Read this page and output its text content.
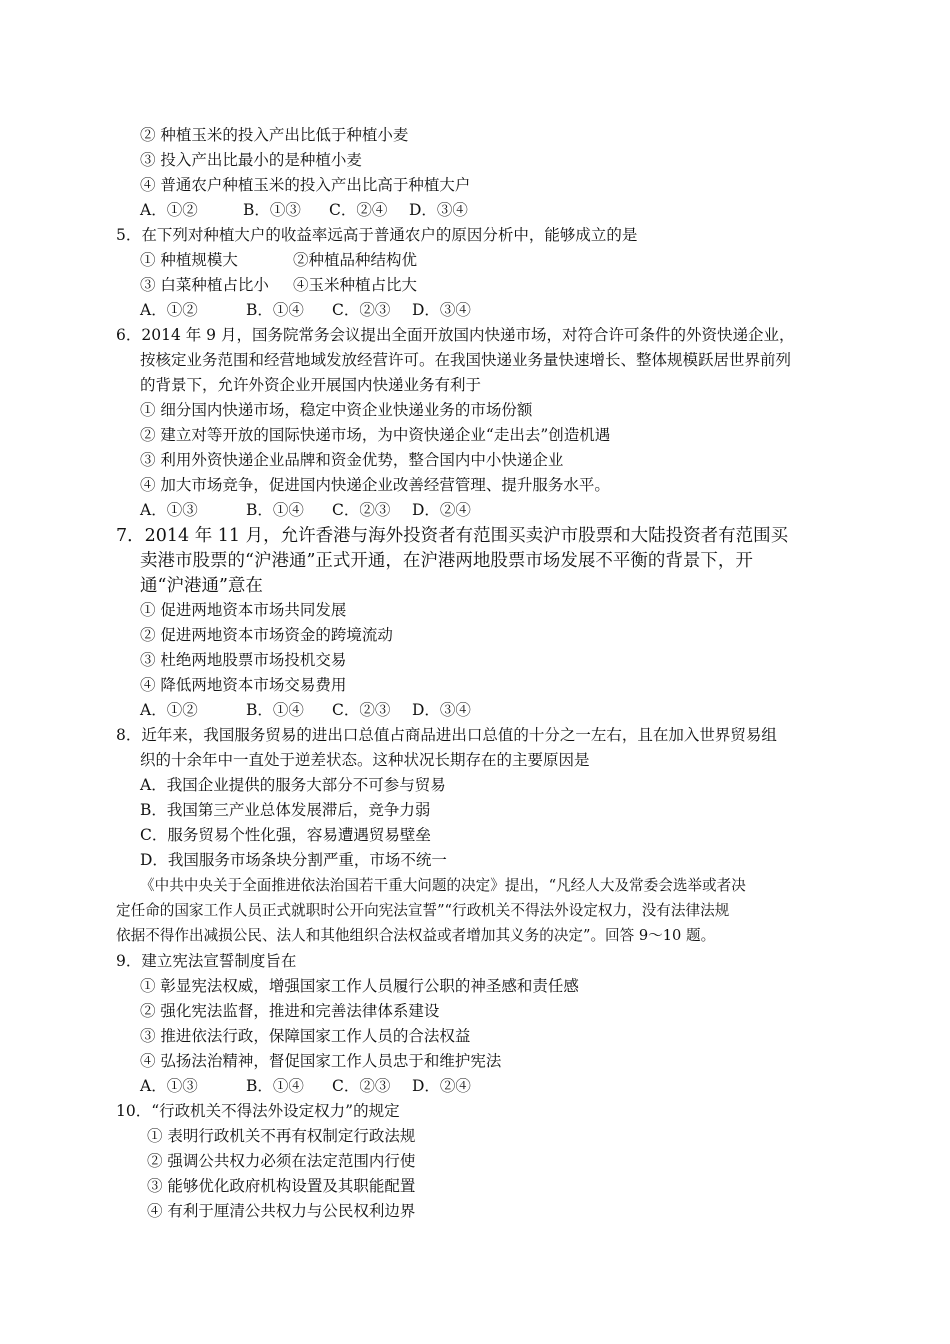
② 种植玉米的投入产出比低于种植小麦
③ 投入产出比最小的是种植小麦
④ 普通农户种植玉米的投入产出比高于种植大户
A．①②	B．①③ C．②④ D．③④
5．在下列对种植大户的收益率远高于普通农户的原因分析中，能够成立的是
① 种植规模大	②种植品种结构优
③ 白菜种植占比小 ④玉米种植占比大
A．①②	B．①④ C．②③ D．③④
6．2014 年 9 月，国务院常务会议提出全面开放国内快递市场，对符合许可条件的外资快递企业，
按核定业务范围和经营地域发放经营许可。在我国快递业务量快速增长、整体规模跃居世界前列
的背景下，允许外资企业开展国内快递业务有利于
① 细分国内快递市场，稳定中资企业快递业务的市场份额
② 建立对等开放的国际快递市场，为中资快递企业“走出去”创造机遇
③ 利用外资快递企业品牌和资金优势，整合国内中小快递企业
④ 加大市场竞争，促进国内快递企业改善经营管理、提升服务水平。
A．①③	B．①④ C．②③ D．②④
7．2014 年 11 月，允许香港与海外投资者有范围买卖沪市股票和大陆投资者有范围买
卖港市股票的“沪港通”正式开通，在沪港两地股票市场发展不平衡的背景下，开
通“沪港通”意在
① 促进两地资本市场共同发展
② 促进两地资本市场资金的跨境流动
③ 杜绝两地股票市场投机交易
④ 降低两地资本市场交易费用
A．①②	B．①④ C．②③ D．③④
8．近年来，我国服务贸易的进出口总值占商品进出口总值的十分之一左右，且在加入世界贸易组
织的十余年中一直处于逆差状态。这种状况长期存在的主要原因是
A．我国企业提供的服务大部分不可参与贸易
B．我国第三产业总体发展滞后，竞争力弱
C．服务贸易个性化强，容易遭遇贸易壁垒
D．我国服务市场条块分割严重，市场不统一
《中共中央关于全面推进依法治国若干重大问题的决定》提出，“凡经人大及常委会选举或者决
定任命的国家工作人员正式就职时公开向宪法宣誓”“行政机关不得法外设定权力，没有法律法规
依据不得作出减损公民、法人和其他组织合法权益或者增加其义务的决定”。回答 9～10 题。
9．建立宪法宣誓制度旨在
① 彰显宪法权威，增强国家工作人员履行公职的神圣感和责任感
② 强化宪法监督，推进和完善法律体系建设
③ 推进依法行政，保障国家工作人员的合法权益
④ 弘扬法治精神，督促国家工作人员忠于和维护宪法
A．①③	B．①④ C．②③ D．②④
10．“行政机关不得法外设定权力”的规定
① 表明行政机关不再有权制定行政法规
② 强调公共权力必须在法定范围内行使
③ 能够优化政府机构设置及其职能配置
④ 有利于厘清公共权力与公民权利边界
